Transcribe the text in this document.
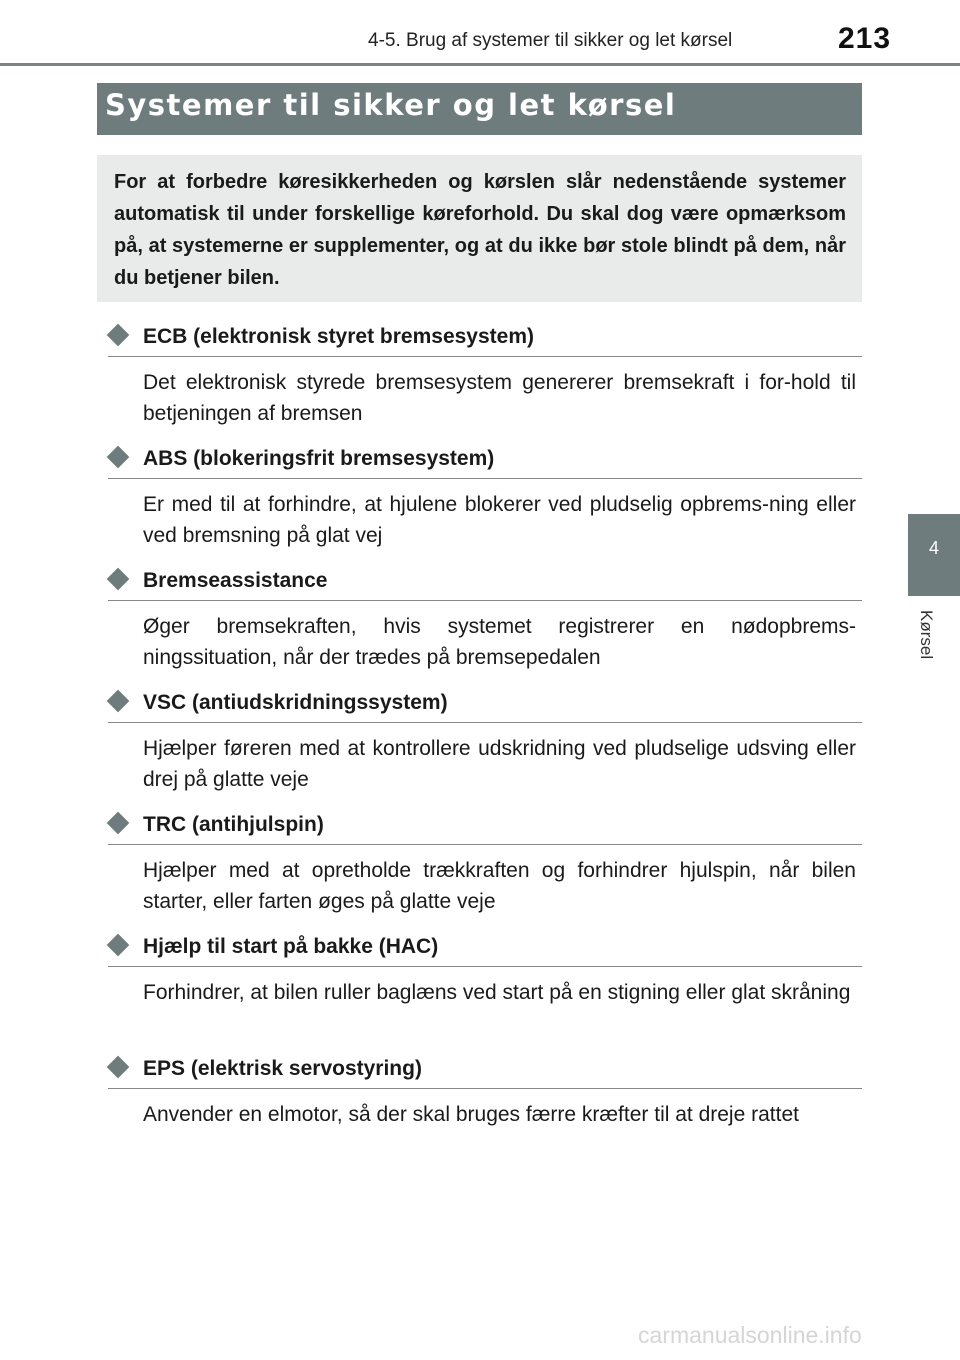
4-5. Brug af systemer til sikker og let kørsel	213
Systemer til sikker og let kørsel
For at forbedre køresikkerheden og kørslen slår nedenstående systemer automatisk til under forskellige køreforhold. Du skal dog være opmærksom på, at systemerne er supplementer, og at du ikke bør stole blindt på dem, når du betjener bilen.
ECB (elektronisk styret bremsesystem)
Det elektronisk styrede bremsesystem genererer bremsekraft i for-hold til betjeningen af bremsen
ABS (blokeringsfrit bremsesystem)
Er med til at forhindre, at hjulene blokerer ved pludselig opbrems-ning eller ved bremsning på glat vej
Bremseassistance
Øger bremsekraften, hvis systemet registrerer en nødopbrems-ningssituation, når der trædes på bremsepedalen
VSC (antiudskridningssystem)
Hjælper føreren med at kontrollere udskridning ved pludselige udsving eller drej på glatte veje
TRC (antihjulspin)
Hjælper med at opretholde trækkraften og forhindrer hjulspin, når bilen starter, eller farten øges på glatte veje
Hjælp til start på bakke (HAC)
Forhindrer, at bilen ruller baglæns ved start på en stigning eller glat skråning
EPS (elektrisk servostyring)
Anvender en elmotor, så der skal bruges færre kræfter til at dreje rattet
4
Kørsel
carmanualsonline.info
